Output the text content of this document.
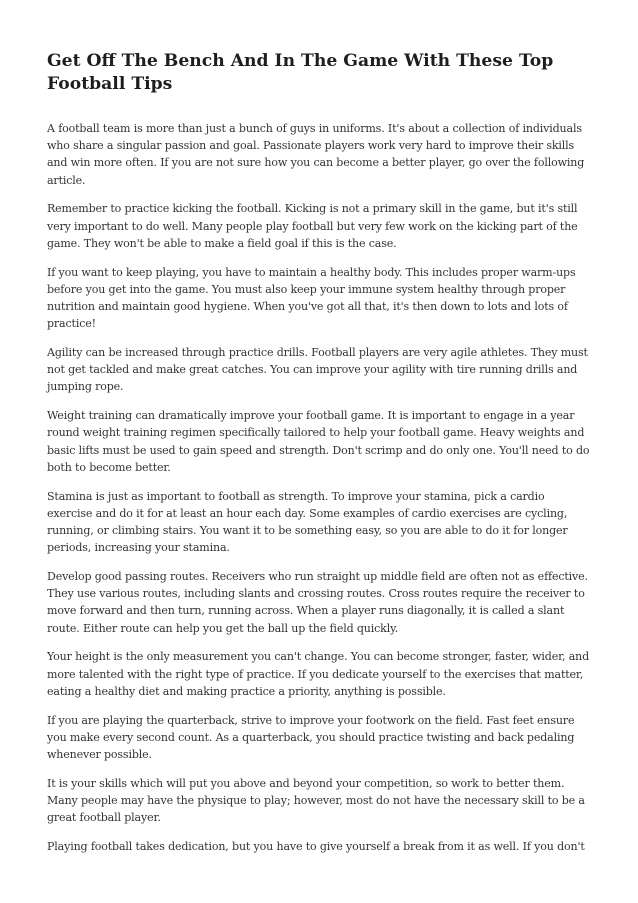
Get Off The Bench And In The Game With These Top Football Tips

A football team is more than just a bunch of guys in uniforms. It's about a collection of individuals who share a singular passion and goal. Passionate players work very hard to improve their skills and win more often. If you are not sure how you can become a better player, go over the following article.

Remember to practice kicking the football. Kicking is not a primary skill in the game, but it's still very important to do well. Many people play football but very few work on the kicking part of the game. They won't be able to make a field goal if this is the case.

If you want to keep playing, you have to maintain a healthy body. This includes proper warm-ups before you get into the game. You must also keep your immune system healthy through proper nutrition and maintain good hygiene. When you've got all that, it's then down to lots and lots of practice!

Agility can be increased through practice drills. Football players are very agile athletes. They must not get tackled and make great catches. You can improve your agility with tire running drills and jumping rope.

Weight training can dramatically improve your football game. It is important to engage in a year round weight training regimen specifically tailored to help your football game. Heavy weights and basic lifts must be used to gain speed and strength. Don't scrimp and do only one. You'll need to do both to become better.

Stamina is just as important to football as strength. To improve your stamina, pick a cardio exercise and do it for at least an hour each day. Some examples of cardio exercises are cycling, running, or climbing stairs. You want it to be something easy, so you are able to do it for longer periods, increasing your stamina.

Develop good passing routes. Receivers who run straight up middle field are often not as effective. They use various routes, including slants and crossing routes. Cross routes require the receiver to move forward and then turn, running across. When a player runs diagonally, it is called a slant route. Either route can help you get the ball up the field quickly.

Your height is the only measurement you can't change. You can become stronger, faster, wider, and more talented with the right type of practice. If you dedicate yourself to the exercises that matter, eating a healthy diet and making practice a priority, anything is possible.

If you are playing the quarterback, strive to improve your footwork on the field. Fast feet ensure you make every second count. As a quarterback, you should practice twisting and back pedaling whenever possible.

It is your skills which will put you above and beyond your competition, so work to better them. Many people may have the physique to play; however, most do not have the necessary skill to be a great football player.

Playing football takes dedication, but you have to give yourself a break from it as well. If you don't
